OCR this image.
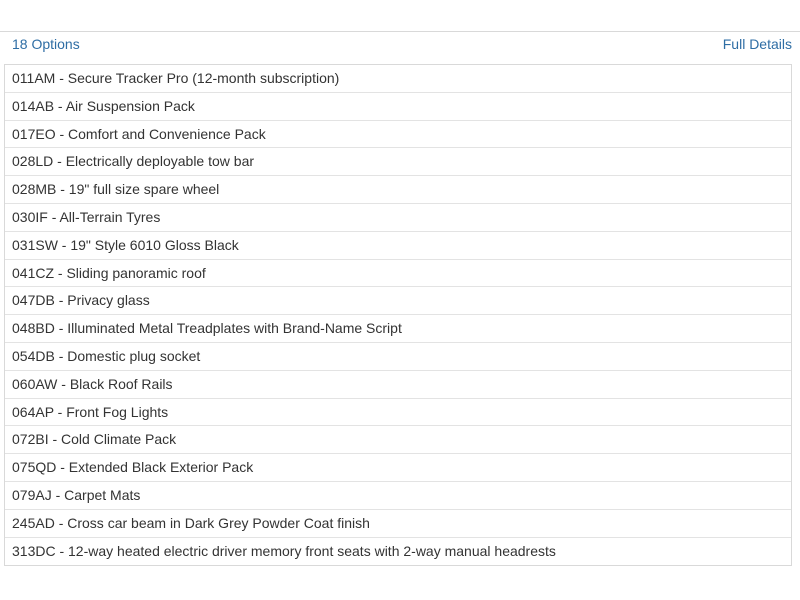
18 Options	Full Details
011AM - Secure Tracker Pro (12-month subscription)
014AB - Air Suspension Pack
017EO - Comfort and Convenience Pack
028LD - Electrically deployable tow bar
028MB - 19" full size spare wheel
030IF - All-Terrain Tyres
031SW - 19" Style 6010 Gloss Black
041CZ - Sliding panoramic roof
047DB - Privacy glass
048BD - Illuminated Metal Treadplates with Brand-Name Script
054DB - Domestic plug socket
060AW - Black Roof Rails
064AP - Front Fog Lights
072BI - Cold Climate Pack
075QD - Extended Black Exterior Pack
079AJ - Carpet Mats
245AD - Cross car beam in Dark Grey Powder Coat finish
313DC - 12-way heated electric driver memory front seats with 2-way manual headrests
